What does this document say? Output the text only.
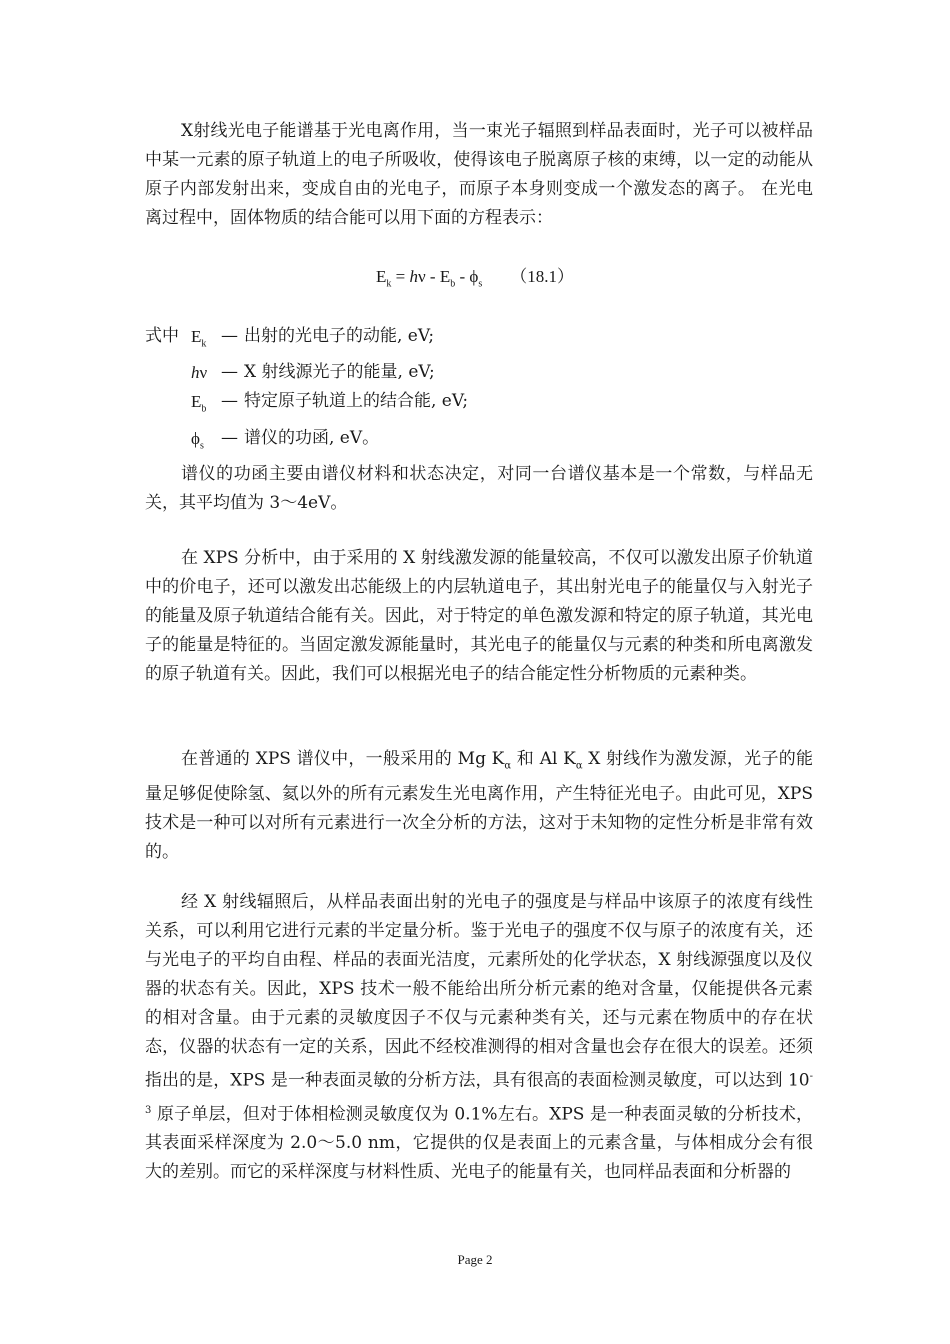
X射线光电子能谱基于光电离作用，当一束光子辐照到样品表面时，光子可以被样品中某一元素的原子轨道上的电子所吸收，使得该电子脱离原子核的束缚，以一定的动能从原子内部发射出来，变成自由的光电子，而原子本身则变成一个激发态的离子。 在光电离过程中，固体物质的结合能可以用下面的方程表示：

$E_k = h\nu - E_b - \phi_s$ （18.1）
式中 $E_k$ — 出射的光电子的动能, eV;
hν — X 射线源光子的能量, eV;
$E_b$ — 特定原子轨道上的结合能, eV;
$\phi_s$	— 谱仪的功函, eV。

谱仪的功函主要由谱仪材料和状态决定，对同一台谱仪基本是一个常数，与样品无关，其平均值为 3～4eV。

在 XPS 分析中，由于采用的 X 射线激发源的能量较高，不仅可以激发出原子价轨道中的价电子，还可以激发出芯能级上的内层轨道电子，其出射光电子的能量仅与入射光子的能量及原子轨道结合能有关。因此，对于特定的单色激发源和特定的原子轨道，其光电子的能量是特征的。当固定激发源能量时，其光电子的能量仅与元素的种类和所电离激发的原子轨道有关。因此，我们可以根据光电子的结合能定性分析物质的元素种类。

在普通的 XPS 谱仪中，一般采用的 Mg $K_\alpha$ 和 Al $K_\alpha$ X 射线作为激发源，光子的能量足够促使除氢、氦以外的所有元素发生光电离作用，产生特征光电子。由此可见，XPS 技术是一种可以对所有元素进行一次全分析的方法，这对于未知物的定性分析是非常有效的。

经 X 射线辐照后，从样品表面出射的光电子的强度是与样品中该原子的浓度有线性关系，可以利用它进行元素的半定量分析。鉴于光电子的强度不仅与原子的浓度有关，还与光电子的平均自由程、样品的表面光洁度，元素所处的化学状态，X 射线源强度以及仪器的状态有关。因此，XPS 技术一般不能给出所分析元素的绝对含量，仅能提供各元素的相对含量。由于元素的灵敏度因子不仅与元素种类有关，还与元素在物质中的存在状态，仪器的状态有一定的关系，因此不经校准测得的相对含量也会存在很大的误差。还须指出的是，XPS 是一种表面灵敏的分析方法，具有很高的表面检测灵敏度，可以达到 $10^{-3}$ 原子单层，但对于体相检测灵敏度仅为 0.1%左右。XPS 是一种表面灵敏的分析技术，其表面采样深度为 2.0～5.0 nm，它提供的仅是表面上的元素含量，与体相成分会有很大的差别。而它的采样深度与材料性质、光电子的能量有关，也同样品表面和分析器的

Page 2
